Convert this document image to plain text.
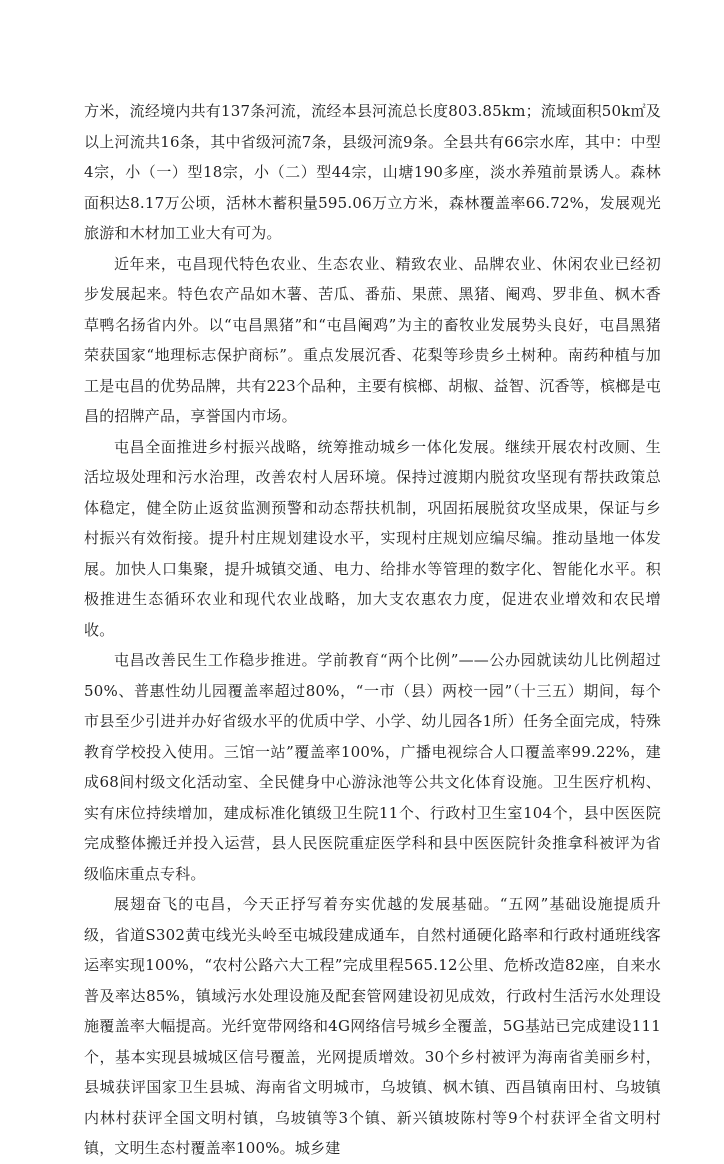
方米，流经境内共有137条河流，流经本县河流总长度803.85km；流域面积50k㎡及以上河流共16条，其中省级河流7条，县级河流9条。全县共有66宗水库，其中：中型4宗，小（一）型18宗，小（二）型44宗，山塘190多座，淡水养殖前景诱人。森林面积达8.17万公顷，活林木蓄积量595.06万立方米，森林覆盖率66.72%，发展观光旅游和木材加工业大有可为。

近年来，屯昌现代特色农业、生态农业、精致农业、品牌农业、休闲农业已经初步发展起来。特色农产品如木薯、苦瓜、番茄、果蔗、黑猪、阉鸡、罗非鱼、枫木香草鸭名扬省内外。以“屯昌黑猪”和“屯昌阉鸡”为主的畜牧业发展势头良好，屯昌黑猪荣获国家“地理标志保护商标”。重点发展沉香、花梨等珍贵乡土树种。南药种植与加工是屯昌的优势品牌，共有223个品种，主要有槟榔、胡椒、益智、沉香等，槟榔是屯昌的招牌产品，享誉国内市场。

屯昌全面推进乡村振兴战略，统筹推动城乡一体化发展。继续开展农村改厕、生活垃圾处理和污水治理，改善农村人居环境。保持过渡期内脱贫攻坚现有帮扶政策总体稳定，健全防止返贫监测预警和动态帮扶机制，巩固拓展脱贫攻坚成果，保证与乡村振兴有效衔接。提升村庄规划建设水平，实现村庄规划应编尽编。推动垦地一体发展。加快人口集聚，提升城镇交通、电力、给排水等管理的数字化、智能化水平。积极推进生态循环农业和现代农业战略，加大支农惠农力度，促进农业增效和农民增收。

屯昌改善民生工作稳步推进。学前教育“两个比例”——公办园就读幼儿比例超过50%、普惠性幼儿园覆盖率超过80%，“一市（县）两校一园”（十三五）期间，每个市县至少引进并办好省级水平的优质中学、小学、幼儿园各1所）任务全面完成，特殊教育学校投入使用。三馆一站”覆盖率100%，广播电视综合人口覆盖率99.22%，建成68间村级文化活动室、全民健身中心游泳池等公共文化体育设施。卫生医疗机构、实有床位持续增加，建成标准化镇级卫生院11个、行政村卫生室104个，县中医医院完成整体搬迁并投入运营，县人民医院重症医学科和县中医医院针灸推拿科被评为省级临床重点专科。

展翅奋飞的屯昌，今天正抒写着夯实优越的发展基础。“五网”基础设施提质升级，省道S302黄屯线光头岭至屯城段建成通车，自然村通硬化路率和行政村通班线客运率实现100%，“农村公路六大工程”完成里程565.12公里、危桥改造82座，自来水普及率达85%，镇域污水处理设施及配套管网建设初见成效，行政村生活污水处理设施覆盖率大幅提高。光纤宽带网络和4G网络信号城乡全覆盖，5G基站已完成建设111个，基本实现县城城区信号覆盖，光网提质增效。30个乡村被评为海南省美丽乡村，县城获评国家卫生县城、海南省文明城市，乌坡镇、枫木镇、西昌镇南田村、乌坡镇内林村获评全国文明村镇，乌坡镇等3个镇、新兴镇坡陈村等9个村获评全省文明村镇，文明生态村覆盖率100%。城乡建
